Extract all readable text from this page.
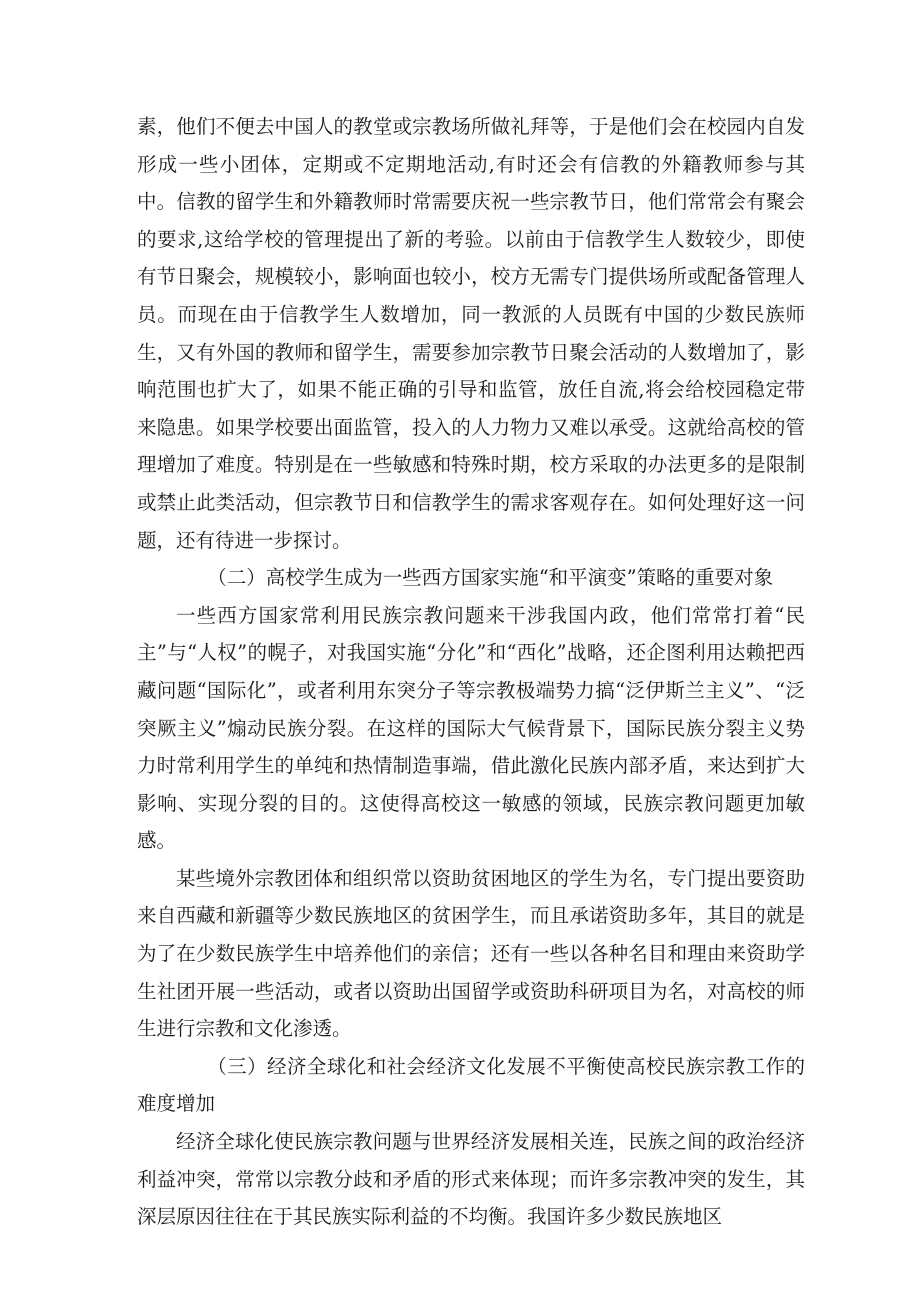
素，他们不便去中国人的教堂或宗教场所做礼拜等，于是他们会在校园内自发形成一些小团体，定期或不定期地活动,有时还会有信教的外籍教师参与其中。信教的留学生和外籍教师时常需要庆祝一些宗教节日，他们常常会有聚会的要求,这给学校的管理提出了新的考验。以前由于信教学生人数较少，即使有节日聚会，规模较小，影响面也较小，校方无需专门提供场所或配备管理人员。而现在由于信教学生人数增加，同一教派的人员既有中国的少数民族师生，又有外国的教师和留学生，需要参加宗教节日聚会活动的人数增加了，影响范围也扩大了，如果不能正确的引导和监管，放任自流,将会给校园稳定带来隐患。如果学校要出面监管，投入的人力物力又难以承受。这就给高校的管理增加了难度。特别是在一些敏感和特殊时期，校方采取的办法更多的是限制或禁止此类活动，但宗教节日和信教学生的需求客观存在。如何处理好这一问题，还有待进一步探讨。

（二）高校学生成为一些西方国家实施“和平演变”策略的重要对象

一些西方国家常利用民族宗教问题来干涉我国内政，他们常常打着“民主”与“人权”的幌子，对我国实施“分化”和“西化”战略，还企图利用达赖把西藏问题“国际化”，或者利用东突分子等宗教极端势力搞“泛伊斯兰主义”、“泛突厥主义”煽动民族分裂。在这样的国际大气候背景下，国际民族分裂主义势力时常利用学生的单纯和热情制造事端，借此激化民族内部矛盾，来达到扩大影响、实现分裂的目的。这使得高校这一敏感的领域，民族宗教问题更加敏感。

某些境外宗教团体和组织常以资助贫困地区的学生为名，专门提出要资助来自西藏和新疆等少数民族地区的贫困学生，而且承诺资助多年，其目的就是为了在少数民族学生中培养他们的亲信；还有一些以各种名目和理由来资助学生社团开展一些活动，或者以资助出国留学或资助科研项目为名，对高校的师生进行宗教和文化渗透。

（三）经济全球化和社会经济文化发展不平衡使高校民族宗教工作的难度增加

经济全球化使民族宗教问题与世界经济发展相关连，民族之间的政治经济利益冲突，常常以宗教分歧和矛盾的形式来体现；而许多宗教冲突的发生，其深层原因往往在于其民族实际利益的不均衡。我国许多少数民族地区
